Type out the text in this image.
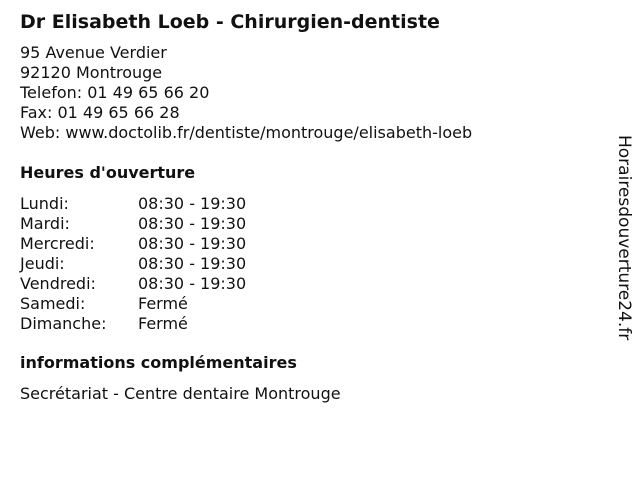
Dr Elisabeth Loeb - Chirurgien-dentiste
95 Avenue Verdier
92120 Montrouge
Telefon: 01 49 65 66 20
Fax: 01 49 65 66 28
Web: www.doctolib.fr/dentiste/montrouge/elisabeth-loeb
Heures d'ouverture
Lundi:	08:30 - 19:30
Mardi:	08:30 - 19:30
Mercredi:	08:30 - 19:30
Jeudi:	08:30 - 19:30
Vendredi:	08:30 - 19:30
Samedi:	Fermé
Dimanche: Fermé
informations complémentaires
Secrétariat - Centre dentaire Montrouge
Horairesdouverture24.fr
